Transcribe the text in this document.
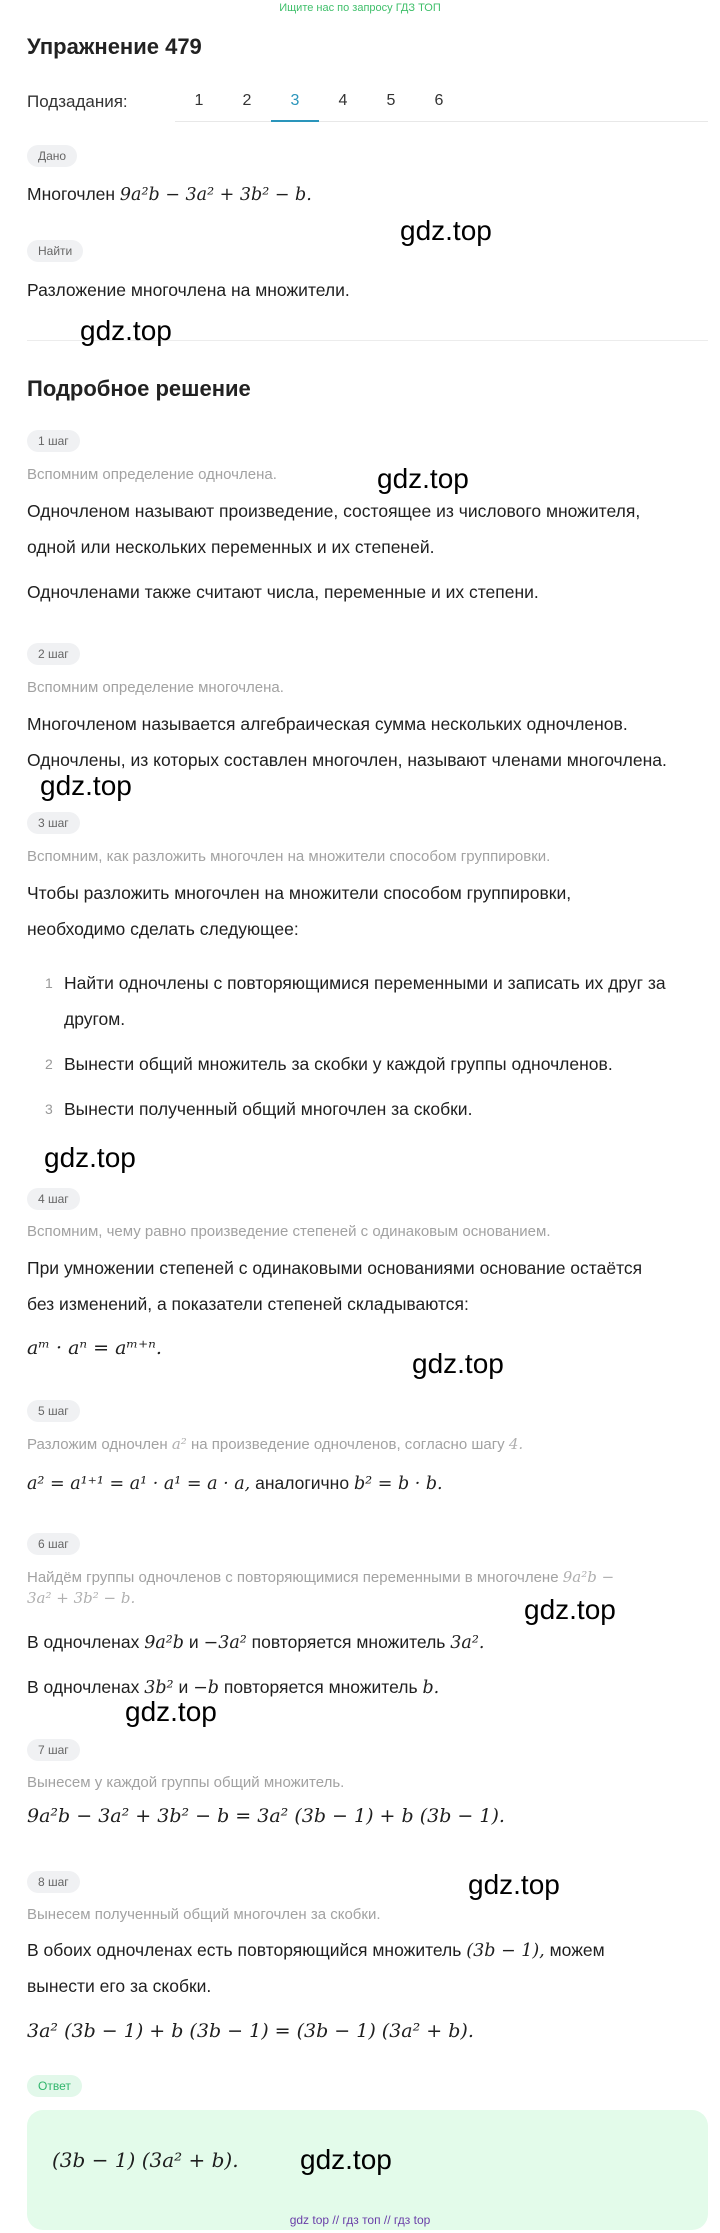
Ищите нас по запросу ГДЗ ТОП
Упражнение 479
Подзадания:	1	2	3	4	5	6
Дано
Многочлен 9a²b − 3a² + 3b² − b.
Найти
Разложение многочлена на множители.
Подробное решение
1 шаг
Вспомним определение одночлена.
Одночленом называют произведение, состоящее из числового множителя,
одной или нескольких переменных и их степеней.
Одночленами также считают числа, переменные и их степени.
2 шаг
Вспомним определение многочлена.
Многочленом называется алгебраическая сумма нескольких одночленов.
Одночлены, из которых составлен многочлен, называют членами многочлена.
3 шаг
Вспомним, как разложить многочлен на множители способом группировки.
Чтобы разложить многочлен на множители способом группировки,
необходимо сделать следующее:
1 Найти одночлены с повторяющимися переменными и записать их друг за
другом.
2 Вынести общий множитель за скобки у каждой группы одночленов.
3 Вынести полученный общий многочлен за скобки.
4 шаг
Вспомним, чему равно произведение степеней с одинаковым основанием.
При умножении степеней с одинаковыми основаниями основание остаётся
без изменений, а показатели степеней складываются:
aᵐ · aⁿ = aᵐ⁺ⁿ.
5 шаг
Разложим одночлен a² на произведение одночленов, согласно шагу 4.
a² = a¹⁺¹ = a¹ · a¹ = a · a, аналогично b² = b · b.
6 шаг
Найдём группы одночленов с повторяющимися переменными в многочлене 9a²b −
3a² + 3b² − b.
В одночленах 9a²b и −3a² повторяется множитель 3a².
В одночленах 3b² и −b повторяется множитель b.
7 шаг
Вынесем у каждой группы общий множитель.
9a²b − 3a² + 3b² − b = 3a² (3b − 1) + b (3b − 1).
8 шаг
Вынесем полученный общий многочлен за скобки.
В обоих одночленах есть повторяющийся множитель (3b − 1), можем
вынести его за скобки.
3a² (3b − 1) + b (3b − 1) = (3b − 1) (3a² + b).
Ответ
(3b − 1) (3a² + b).
gdz.top
gdz.top
gdz.top
gdz.top
gdz.top
gdz.top
gdz.top
gdz.top
gdz.top
gdz.top
gdz top // гдз топ // гдз top
